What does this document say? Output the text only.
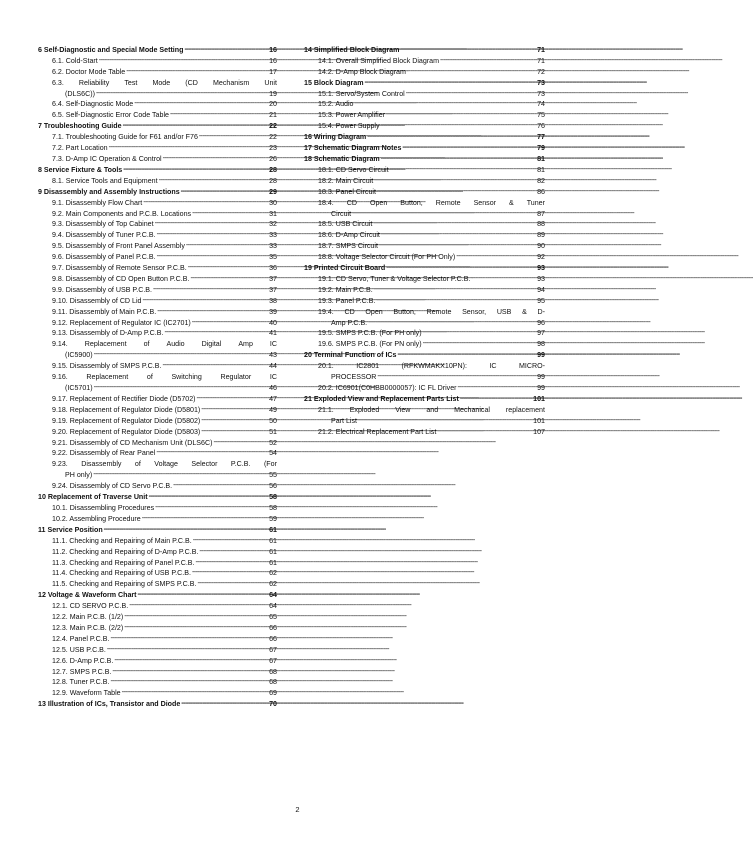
6 Self-Diagnostic and Special Mode Setting -----	16
6.1. Cold-Start -----	16
6.2. Doctor Mode Table -----	17
6.3. Reliability Test Mode (CD Mechanism Unit
(DLS6C)) -----	19
6.4. Self-Diagnostic Mode -----	20
6.5. Self-Diagnostic Error Code Table -----	21
7 Troubleshooting Guide -----	22
7.1. Troubleshooting Guide for F61 and/or F76 -----	22
7.2. Part Location -----	23
7.3. D-Amp IC Operation & Control -----	26
8 Service Fixture & Tools -----	28
8.1. Service Tools and Equipment -----	28
9 Disassembly and Assembly Instructions -----	29
9.1. Disassembly Flow Chart -----	30
9.2. Main Components and P.C.B. Locations -----	31
9.3. Disassembly of Top Cabinet -----	32
9.4. Disassembly of Tuner P.C.B. -----	33
9.5. Disassembly of Front Panel Assembly -----	33
9.6. Disassembly of Panel P.C.B. -----	35
9.7. Disassembly of Remote Sensor P.C.B. -----	36
9.8. Disassembly of CD Open Button P.C.B. -----	37
9.9. Disassembly of USB P.C.B. -----	37
9.10. Disassembly of CD Lid -----	38
9.11. Disassembly of Main P.C.B. -----	39
9.12. Replacement of Regulator IC (IC2701) -----	40
9.13. Disassembly of D-Amp P.C.B. -----	41
9.14. Replacement of Audio Digital Amp IC
(IC5900) -----	43
9.15. Disassembly of SMPS P.C.B. -----	44
9.16.	Replacement	of	Switching	Regulator	IC
(IC5701) -----	46
9.17. Replacement of Rectifier Diode (D5702) -----	47
9.18. Replacement of Regulator Diode (D5801) -----	49
9.19. Replacement of Regulator Diode (D5802) -----	50
9.20. Replacement of Regulator Diode (D5803) -----	51
9.21. Disassembly of CD Mechanism Unit (DLS6C) -----	52
9.22. Disassembly of Rear Panel -----	54
9.23. Disassembly of Voltage Selector P.C.B. (For
PH only) -----	55
9.24. Disassembly of CD Servo P.C.B. -----	56
10 Replacement of Traverse Unit -----	58
10.1. Disassembling Procedures -----	58
10.2. Assembling Procedure -----	59
11 Service Position -----	61
11.1. Checking and Repairing of Main P.C.B. -----	61
11.2. Checking and Repairing of D-Amp P.C.B. -----	61
11.3. Checking and Repairing of Panel P.C.B. -----	61
11.4. Checking and Repairing of USB P.C.B. -----	62
11.5. Checking and Repairing of SMPS P.C.B. -----	62
12 Voltage & Waveform Chart -----	64
12.1. CD SERVO P.C.B. -----	64
12.2. Main P.C.B. (1/2) -----	65
12.3. Main P.C.B. (2/2) -----	66
12.4. Panel P.C.B. -----	66
12.5. USB P.C.B. -----	67
12.6. D-Amp P.C.B. -----	67
12.7. SMPS P.C.B. -----	68
12.8. Tuner P.C.B. -----	68
12.9. Waveform Table -----	69
13 Illustration of ICs, Transistor and Diode -----	70
14 Simplified Block Diagram -----	71
14.1. Overall Simplified Block Diagram -----	71
14.2. D-Amp Block Diagram -----	72
15 Block Diagram -----	73
15.1. Servo/System Control -----	73
15.2. Audio -----	74
15.3. Power Amplifier -----	75
15.4. Power Supply -----	76
16 Wiring Diagram -----	77
17 Schematic Diagram Notes -----	79
18 Schematic Diagram -----	81
18.1. CD Servo Circuit -----	81
18.2. Main Circuit -----	82
18.3. Panel Circuit -----	86
18.4. CD Open Button, Remote Sensor & Tuner
Circuit -----	87
18.5. USB Circuit -----	88
18.6. D-Amp Circuit -----	89
18.7. SMPS Circuit -----	90
18.8. Voltage Selector Circuit (For PH Only) -----	92
19 Printed Circuit Board -----	93
19.1. CD Servo, Tuner & Voltage Selector P.C.B. -----	93
19.2. Main P.C.B. -----	94
19.3. Panel P.C.B. -----	95
19.4. CD Open Button, Remote Sensor, USB & D-
Amp P.C.B. -----	96
19.5. SMPS P.C.B. (For PH only) -----	97
19.6. SMPS P.C.B. (For PN only) -----	98
20 Terminal Function of ICs -----	99
20.1.	IC2801	(RFKWMAKX10PN):	IC	MICRO-
PROCESSOR -----	99
20.2. IC6901(C0HBB0000057): IC FL Driver -----	99
21 Exploded View and Replacement Parts List -----	101
21.1. Exploded View and Mechanical replacement
Part List -----	101
21.2. Electrical Replacement Part List -----	107
2
